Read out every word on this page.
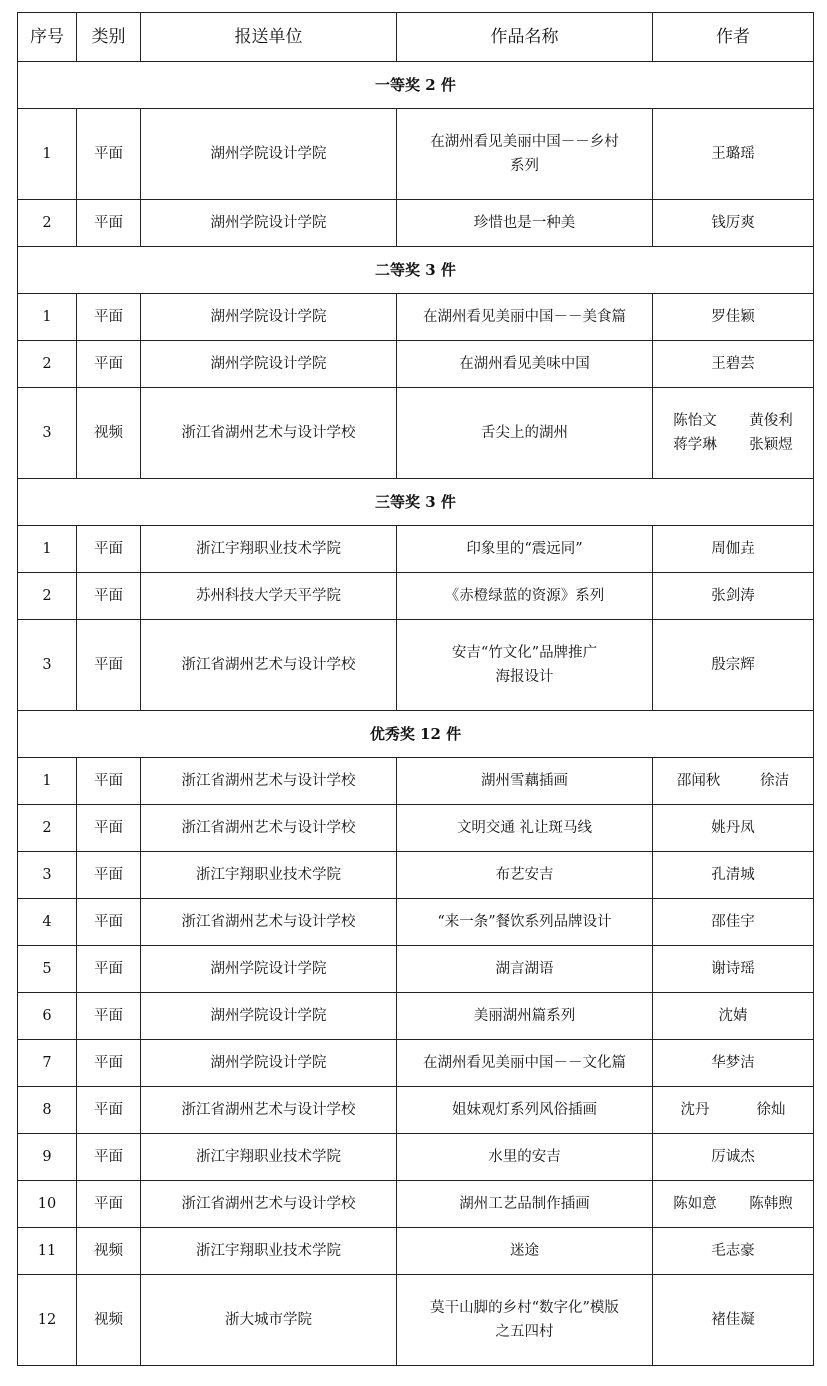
序号	类别	报送单位	作品名称	作者
一等奖 2 件				
1	平面	湖州学院设计学院	在湖州看见美丽中国－－乡村
系列	王璐瑶
2	平面	湖州学院设计学院	珍惜也是一种美	钱厉爽
二等奖 3 件				
1	平面	湖州学院设计学院	在湖州看见美丽中国－－美食篇	罗佳颖
2	平面	湖州学院设计学院	在湖州看见美味中国	王碧芸
3	视频	浙江省湖州艺术与设计学校	舌尖上的湖州	陈怡文 黄俊利
蒋学琳 张颖煜

三等奖 3 件				
1	平面	浙江宇翔职业技术学院	印象里的“震远同”	周伽垚
2	平面	苏州科技大学天平学院	《赤橙绿蓝的资源》系列	张剑涛
3	平面	浙江省湖州艺术与设计学校	安吉“竹文化”品牌推广
海报设计	殷宗辉
优秀奖 12 件				
1	平面	浙江省湖州艺术与设计学校	湖州雪藕插画	邵闻秋 徐洁

2	平面	浙江省湖州艺术与设计学校	文明交通 礼让斑马线	姚丹凤
3	平面	浙江宇翔职业技术学院	布艺安吉	孔清城
4	平面	浙江省湖州艺术与设计学校	“来一条”餐饮系列品牌设计	邵佳宇
5	平面	湖州学院设计学院	湖言湖语	谢诗瑶
6	平面	湖州学院设计学院	美丽湖州篇系列	沈婧
7	平面	湖州学院设计学院	在湖州看见美丽中国－－文化篇	华梦洁
8	平面	浙江省湖州艺术与设计学校	姐妹观灯系列风俗插画	沈丹 徐灿

9	平面	浙江宇翔职业技术学院	水里的安吉	厉诚杰
10	平面	浙江省湖州艺术与设计学校	湖州工艺品制作插画	陈如意 陈韩煦

11	视频	浙江宇翔职业技术学院	迷途	毛志豪
12	视频	浙大城市学院	莫干山脚的乡村“数字化”模版
之五四村	褚佳凝
